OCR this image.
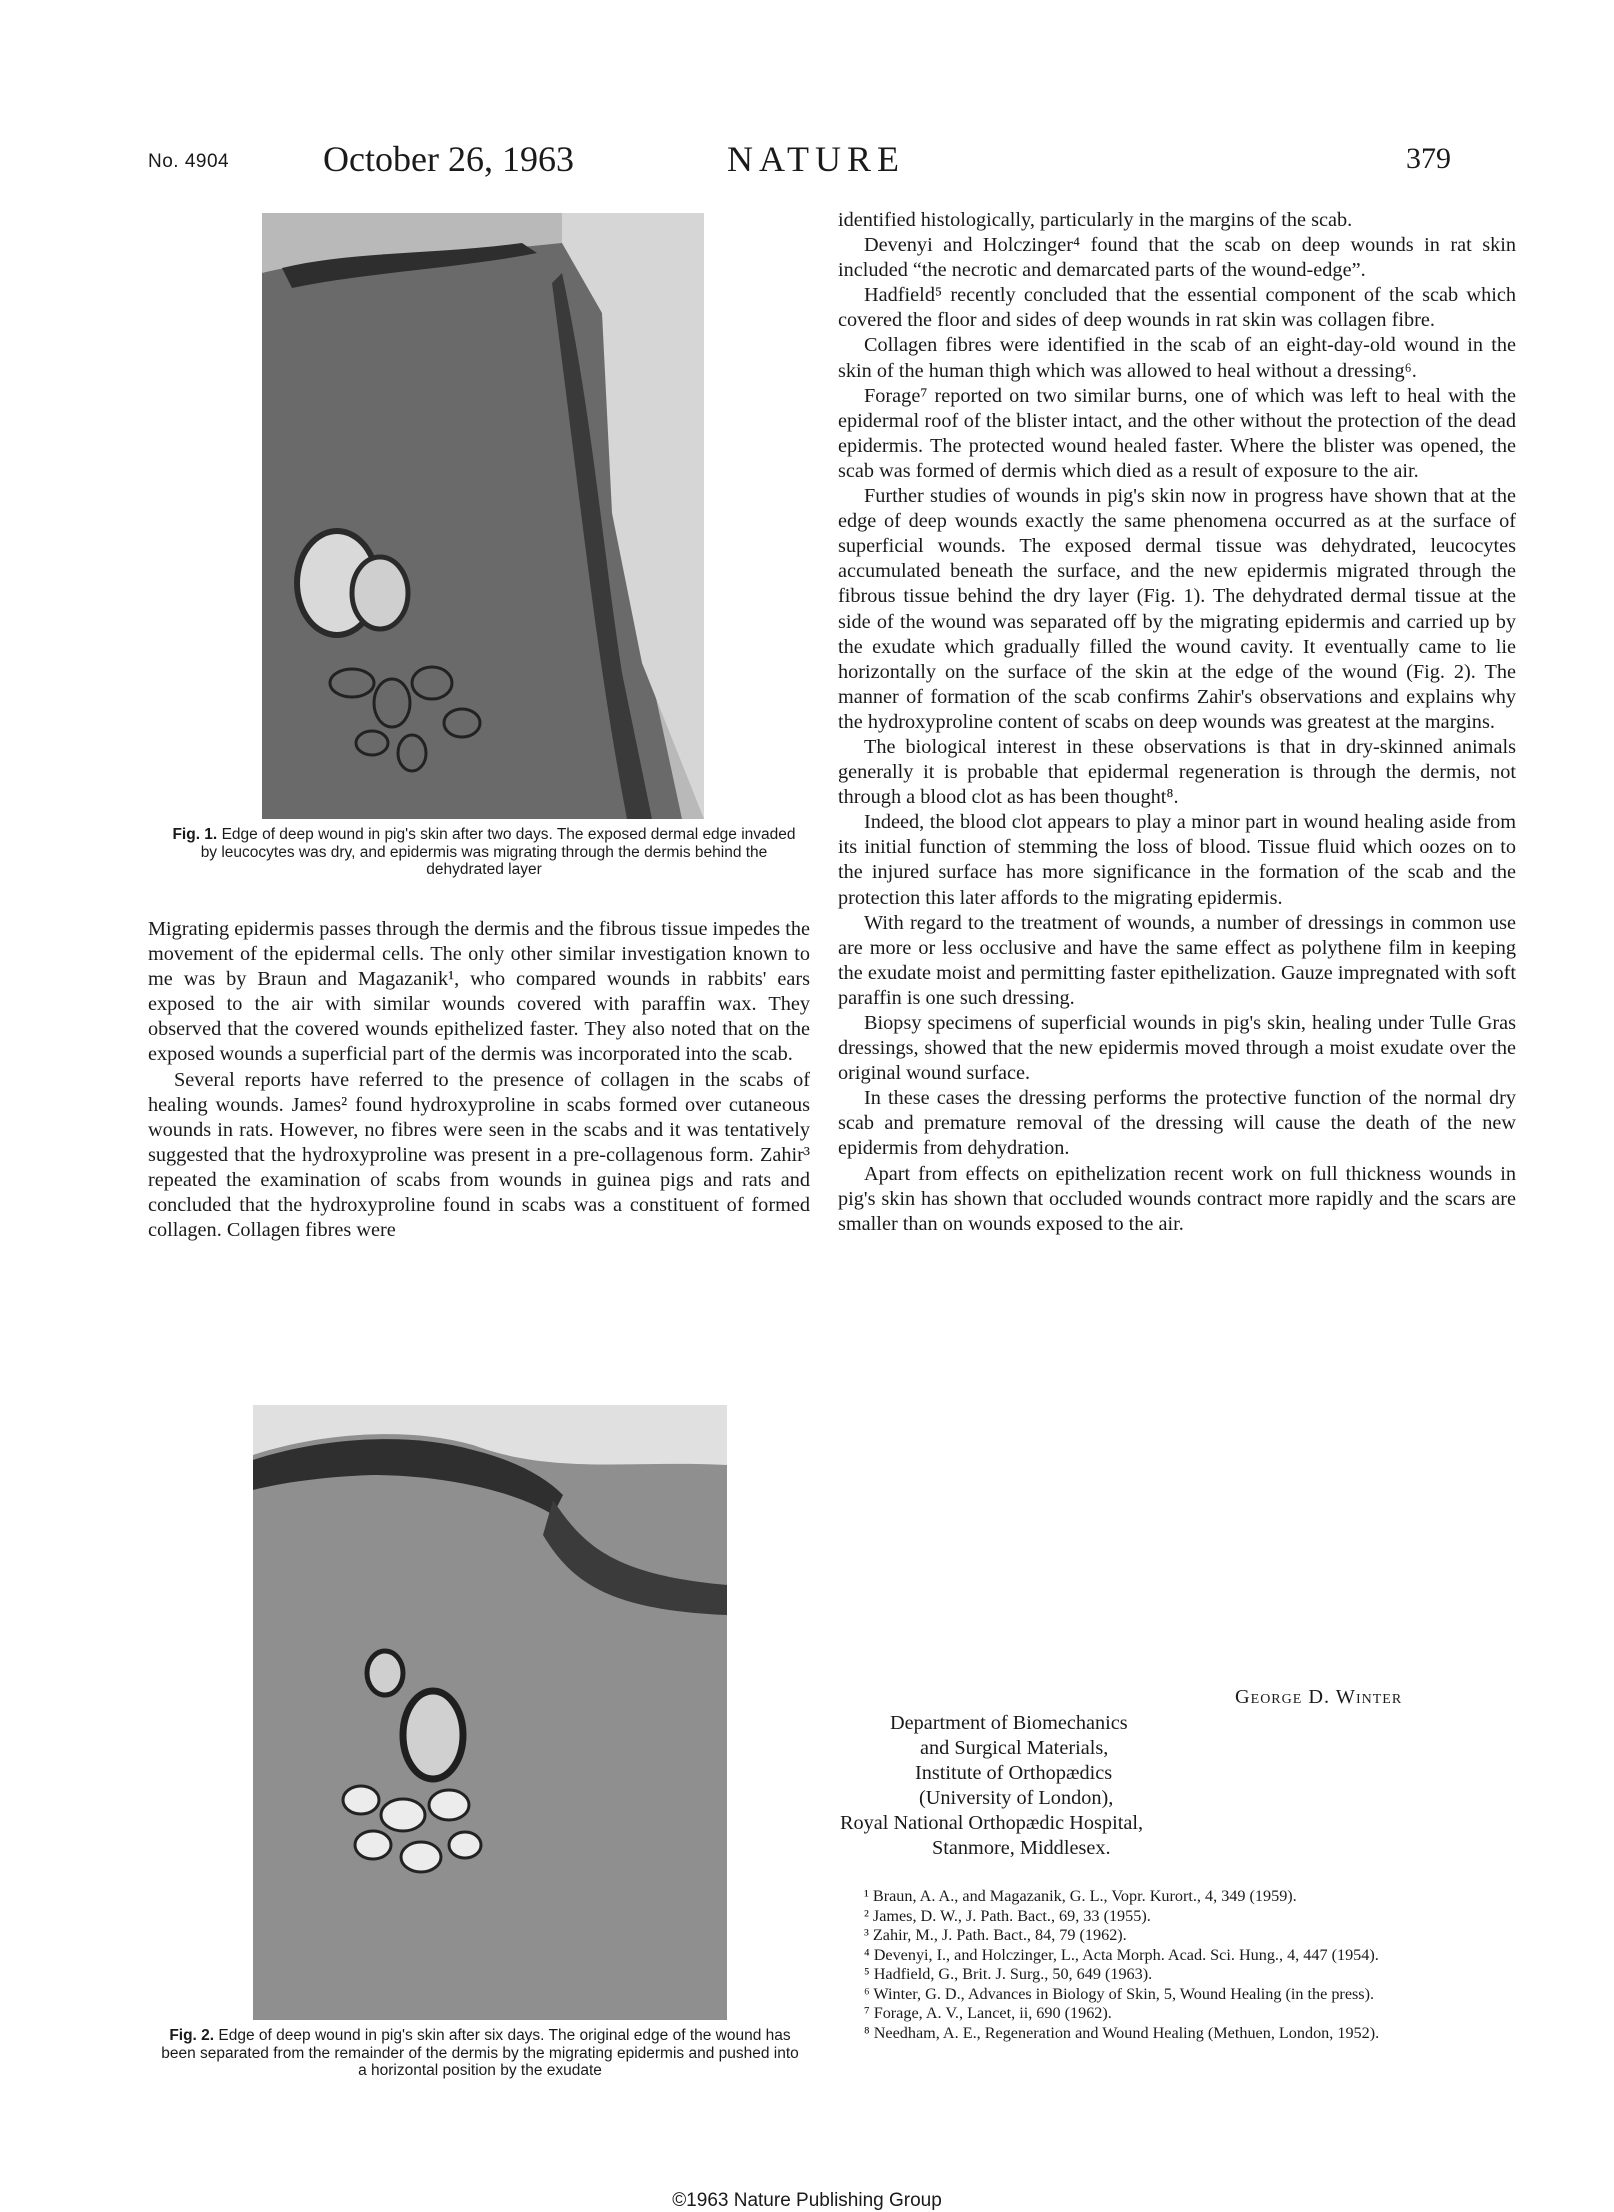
No. 4904	October 26, 1963	NATURE	379
Fig. 1. Edge of deep wound in pig's skin after two days. The exposed dermal edge invaded by leucocytes was dry, and epidermis was migrating through the dermis behind the dehydrated layer

Migrating epidermis passes through the dermis and the fibrous tissue impedes the movement of the epidermal cells. The only other similar investigation known to me was by Braun and Magazanik¹, who compared wounds in rabbits' ears exposed to the air with similar wounds covered with paraffin wax. They observed that the covered wounds epithelized faster. They also noted that on the exposed wounds a superficial part of the dermis was incorporated into the scab.

Several reports have referred to the presence of collagen in the scabs of healing wounds. James² found hydroxyproline in scabs formed over cutaneous wounds in rats. However, no fibres were seen in the scabs and it was tentatively suggested that the hydroxyproline was present in a pre-collagenous form. Zahir³ repeated the examination of scabs from wounds in guinea pigs and rats and concluded that the hydroxyproline found in scabs was a constituent of formed collagen. Collagen fibres were

Fig. 2. Edge of deep wound in pig's skin after six days. The original edge of the wound has been separated from the remainder of the dermis by the migrating epidermis and pushed into a horizontal position by the exudate

identified histologically, particularly in the margins of the scab.

Devenyi and Holczinger⁴ found that the scab on deep wounds in rat skin included “the necrotic and demarcated parts of the wound-edge”.

Hadfield⁵ recently concluded that the essential component of the scab which covered the floor and sides of deep wounds in rat skin was collagen fibre.

Collagen fibres were identified in the scab of an eight-day-old wound in the skin of the human thigh which was allowed to heal without a dressing⁶.

Forage⁷ reported on two similar burns, one of which was left to heal with the epidermal roof of the blister intact, and the other without the protection of the dead epidermis. The protected wound healed faster. Where the blister was opened, the scab was formed of dermis which died as a result of exposure to the air.

Further studies of wounds in pig's skin now in progress have shown that at the edge of deep wounds exactly the same phenomena occurred as at the surface of superficial wounds. The exposed dermal tissue was dehydrated, leucocytes accumulated beneath the surface, and the new epidermis migrated through the fibrous tissue behind the dry layer (Fig. 1). The dehydrated dermal tissue at the side of the wound was separated off by the migrating epidermis and carried up by the exudate which gradually filled the wound cavity. It eventually came to lie horizontally on the surface of the skin at the edge of the wound (Fig. 2). The manner of formation of the scab confirms Zahir's observations and explains why the hydroxyproline content of scabs on deep wounds was greatest at the margins.

The biological interest in these observations is that in dry-skinned animals generally it is probable that epidermal regeneration is through the dermis, not through a blood clot as has been thought⁸.

Indeed, the blood clot appears to play a minor part in wound healing aside from its initial function of stemming the loss of blood. Tissue fluid which oozes on to the injured surface has more significance in the formation of the scab and the protection this later affords to the migrating epidermis.

With regard to the treatment of wounds, a number of dressings in common use are more or less occlusive and have the same effect as polythene film in keeping the exudate moist and permitting faster epithelization. Gauze impregnated with soft paraffin is one such dressing.

Biopsy specimens of superficial wounds in pig's skin, healing under Tulle Gras dressings, showed that the new epidermis moved through a moist exudate over the original wound surface.

In these cases the dressing performs the protective function of the normal dry scab and premature removal of the dressing will cause the death of the new epidermis from dehydration.

Apart from effects on epithelization recent work on full thickness wounds in pig's skin has shown that occluded wounds contract more rapidly and the scars are smaller than on wounds exposed to the air.

George D. Winter
Department of Biomechanics
and Surgical Materials,
Institute of Orthopædics
(University of London),
Royal National Orthopædic Hospital,
Stanmore, Middlesex.

¹ Braun, A. A., and Magazanik, G. L., Vopr. Kurort., 4, 349 (1959).

² James, D. W., J. Path. Bact., 69, 33 (1955).

³ Zahir, M., J. Path. Bact., 84, 79 (1962).

⁴ Devenyi, I., and Holczinger, L., Acta Morph. Acad. Sci. Hung., 4, 447 (1954).

⁵ Hadfield, G., Brit. J. Surg., 50, 649 (1963).

⁶ Winter, G. D., Advances in Biology of Skin, 5, Wound Healing (in the press).

⁷ Forage, A. V., Lancet, ii, 690 (1962).

⁸ Needham, A. E., Regeneration and Wound Healing (Methuen, London, 1952).

©1963 Nature Publishing Group
